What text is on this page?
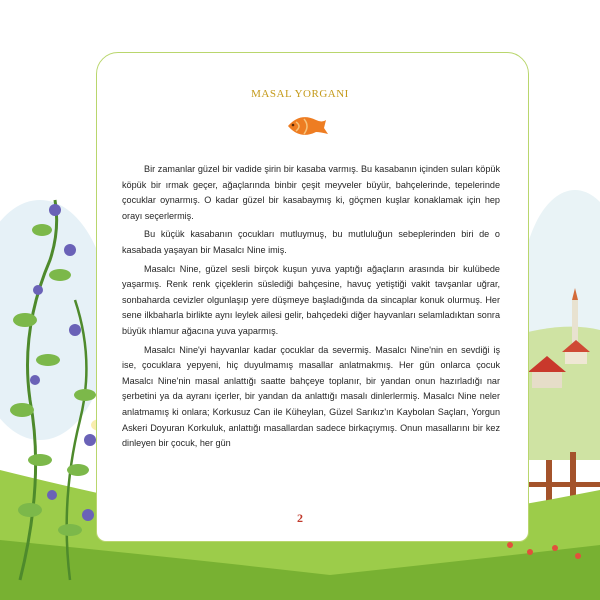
MASAL YORGANI

Bir zamanlar güzel bir vadide şirin bir kasaba varmış. Bu kasabanın içinden suları köpük köpük bir ırmak geçer, ağaçlarında binbir çeşit meyveler büyür, bahçelerinde, tepelerinde çocuklar oynarmış. O kadar güzel bir kasabaymış ki, göçmen kuşlar konaklamak için hep orayı seçerlermiş.

Bu küçük kasabanın çocukları mutluymuş, bu mutluluğun sebeplerinden biri de o kasabada yaşayan bir Masalcı Nine imiş.

Masalcı Nine, güzel sesli birçok kuşun yuva yaptığı ağaçların arasında bir kulübede yaşarmış. Renk renk çiçeklerin süslediği bahçesine, havuç yetiştiği vakit tavşanlar uğrar, sonbaharda cevizler olgunlaşıp yere düşmeye başladığında da sincaplar konuk olurmuş. Her sene ilkbaharla birlikte aynı leylek ailesi gelir, bahçedeki diğer hayvanları selamladıktan sonra büyük ıhlamur ağacına yuva yaparmış.

Masalcı Nine'yi hayvanlar kadar çocuklar da severmiş. Masalcı Nine'nin en sevdiği iş ise, çocuklara yepyeni, hiç duyulmamış masallar anlatmakmış. Her gün onlarca çocuk Masalcı Nine'nin masal anlattığı saatte bahçeye toplanır, bir yandan onun hazırladığı nar şerbetini ya da ayranı içerler, bir yandan da anlattığı masalı dinlerlermiş. Masalcı Nine neler anlatmamış ki onlara; Korkusuz Can ile Küheylan, Güzel Sarıkız'ın Kaybolan Saçları, Yorgun Askeri Doyuran Korkuluk, anlattığı masallardan sadece birkaçıymış. Onun masallarını bir kez dinleyen bir çocuk, her gün

2
